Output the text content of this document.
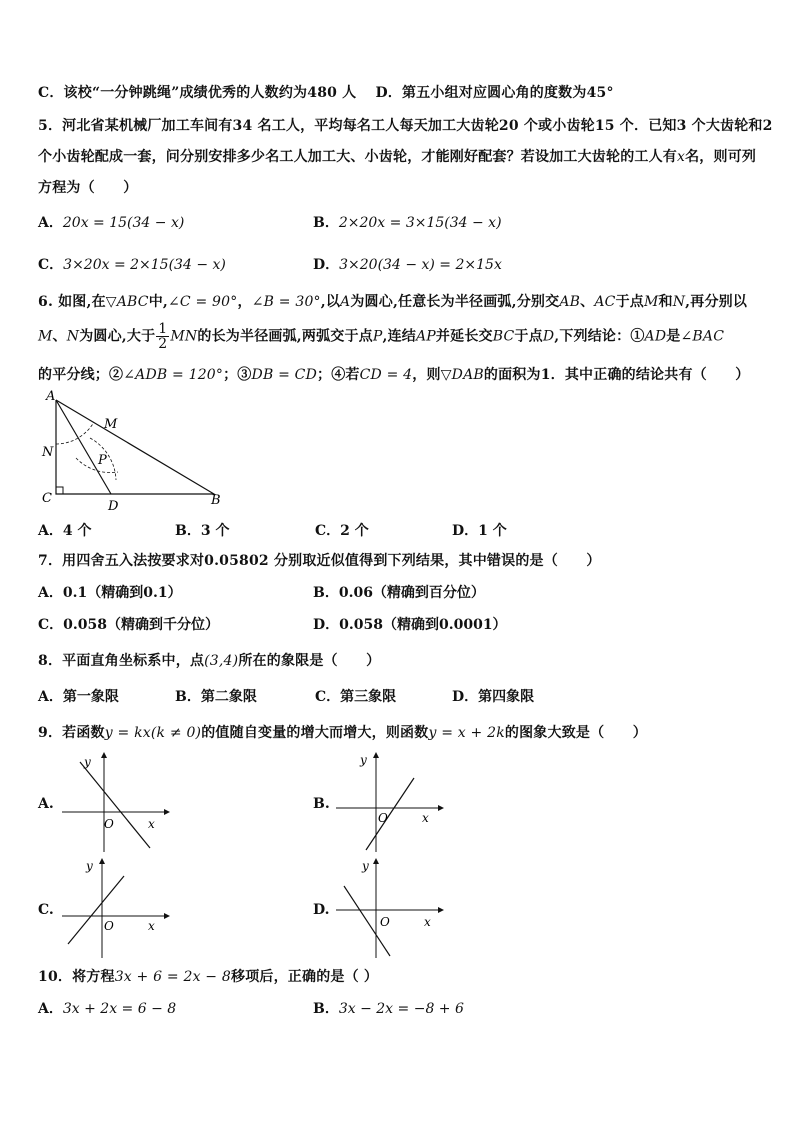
C．该校“一分钟跳绳”成绩优秀的人数约为480 人 D．第五小组对应圆心角的度数为45°
5．河北省某机械厂加工车间有34 名工人，平均每名工人每天加工大齿轮20 个或小齿轮15 个．已知3 个大齿轮和2
个小齿轮配成一套，问分别安排多少名工人加工大、小齿轮，才能刚好配套？若设加工大齿轮的工人有x名，则可列
方程为（　　）
A．20x = 15(34 − x)	B．2×20x = 3×15(34 − x)
C．3×20x = 2×15(34 − x)	D．3×20(34 − x) = 2×15x
6. 如图,在▽ABC中,∠C = 90°，∠B = 30°,以A为圆心,任意长为半径画弧,分别交AB、AC于点M和N,再分别以
M、N为圆心,大于 $\frac{1}{2}$ MN的长为半径画弧,两弧交于点P,连结AP并延长交BC于点D,下列结论：①AD是∠BAC
的平分线；②∠ADB = 120°；③DB = CD；④若CD = 4，则▽DAB的面积为1．其中正确的结论共有（　　）
A
M
N
P
C
D	B
A．4 个	B．3 个	C．2 个	D．1 个
7．用四舍五入法按要求对0.05802 分别取近似值得到下列结果，其中错误的是（　　）
A．0.1（精确到0.1）	B．0.06（精确到百分位）
C．0.058（精确到千分位）	D．0.058（精确到0.0001）
8．平面直角坐标系中，点(3,4)所在的象限是（　　）
A．第一象限	B．第二象限	C．第三象限	D．第四象限
9．若函数y = kx(k ≠ 0)的值随自变量的增大而增大，则函数y = x + 2k的图象大致是（　　）
A.
y
x
O
B.
y
x
O
C.
y
x
O
D.
y
x
O
10．将方程3x + 6 = 2x − 8移项后，正确的是（ ）
A．3x + 2x = 6 − 8	B．3x − 2x = −8 + 6
